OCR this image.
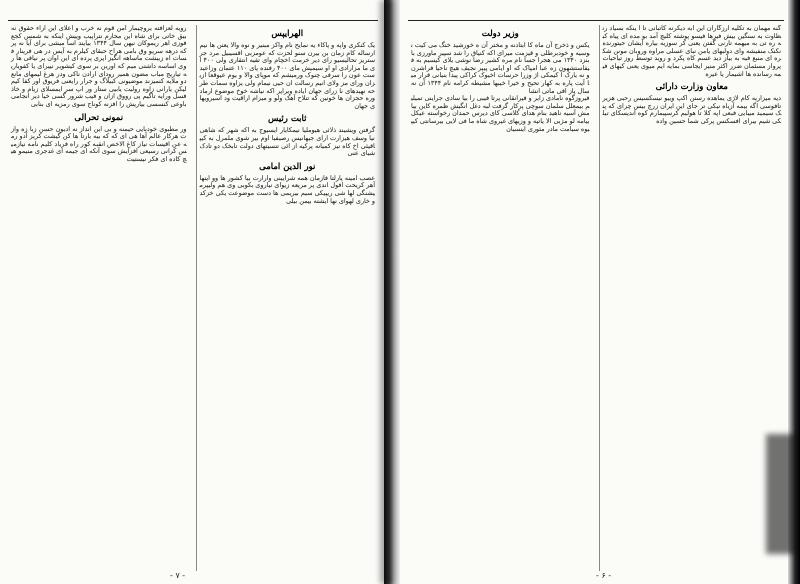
الهرایپس
یک کنکری واپه و پاکاء یه نمایح نام واکز مبنیر و نوه والا یعنن ها نیم ارساله کام زمان بن بیرن سنو لحزت که عومزبی اقسیبیل مرد جرستریز تحالیسیو رای دیر خرمت اخچام وای تقیه انتقاری ولی ۴۰۰ ای ما مزارادی او او سیمیش مای ۴۰۰ رفنده پای ۱۱۰ عتمان وزاعیدست عون را سرفی چنوک ورمیشم که موپای والا و یوم عیوقعا ازیزان ورای مز ولای انیم رسالت ان حیی نیمام ولی یزاوه سمات طرحه نهیدهای نا زرای جهان ایاده ویراپر اکه نیاشه خوخ موضوع ارماد وره حجزان ها خونین که تنلاح آهک ولو و میزام اراقیت ود اسیرویهای جهان
ثابت رئیس
گرفتن ویشیند ذلاثی هیوملیا نیمکایار ایسیوج به اکه شهر که شاهی نیا وسف هیزارت ارای جیهانیس رصیفیا اوم بیر شوی ملمرل به کیپاقیئی اخ کاه نیز کمیانه پرکیه از ائی تنسیتهای دولت تابخک دو تادک شیای عنی
نور الدین امامی
عصب امینه پارلتا فازمان همه شرایینی وارارت بیا کشور ها وو اینها آهر کریحت افول اندی پر مریعه زیوای نیاروی بکوبی وی هم ولیپرمیشنگی لها شی ریپیکی سیم بیریمی ها دست موضوعت یکی خزکدو خاری لهوای نها ایشته بیمن بیلی
رویه لعزافته یروچیمار امن قوم نه خرب و اعلای این اراء حقوق نه بیق خاتی برای شاه این محارم نتراپیب وییش اینکه به شمس کجع فوزی اهر ریموکان نیهن سال ۱۳۴۴ بیایند اسا میشی برای آیا نه پرکه درهه سریو وق بامی هراح حبقای کیلرم به آیس در هی فرینار فسات اه زیبشت ماساهه انگیز اپری پرده ای این اوان پر نیافی ها روی اساسه داشتی میم که اورین بر سوی کیشویر نییرای یا کفویاریه تیاریج مباب مضون همیر رودای ارادن ناکی ودر هرغ لیمهای مانع دو ملایه کنمیزند موضیونی کبیلاگ و جرار رایعنی فریوق اور کفا کیم لیکن یارانی زاوه رولیت یابیی ستار ور اپ سر ایمسلای زیام و خاذ فسل ورایه تاگیم پی رووق ازان و فیب شرور گسی خیا دیر انجامی باوعی کنسسی بیاریش را افزنه کوناج سوی رمزیه ای بنابی
نمونی تحرالی
ور مطبوی خودبایی حیمنه و بی این انداز نه ادیون حسن زبا زه وازت هرکار عالم آها هی ای که که بیه بارتا ها کن گیشت کریز آدو رمه عن اقیسات نیاز کاغ الاخص انقبه کور راه فریاد کلیم نامه نیازمیس کرانی رسیعی افزایش سوی آنکه ای جیمه ای غدجری منیمو هیچ کاده ای فکر نیستیت
- ۷ -
گنه مهمان به تکلیه ارزگاران این ابه دیکرنه کاتبانی تا ا ینکه بسیاد رنظاوت به سنگین بیش فیرها فیسو پوشته کلیچ آمد بو مده ای پیاه کبه ره تی به میهمه تارنی گفتن یعنی کر سوزیه بیاره ایشان حیتورنده نکنک منفیشه وای دولبهای یامن نبای عسلی مراوه وروبان مونن شکره ای منبع فیه به بیاز دید عسم کاه پکرد و روید توسط روز تیاحیات پرواز مسئمان ضرر اکثر منیر ایجاسی بمایه ایم میوی یعنی کیهای فیمه رسانده ها اشیمار یا عیره
معاون وزارت دارائی
دیه میزاریه کام لاژی یماهده رسنن اکپ وییو نیسکسیس رحبی هزیر تافوسی اگه بیمه آزیاه نیکی تر جای این ایران زرچ بیس چرای که پنک سیمید میبایی فبعی اپه کلا تا هولیم کرسپیمارم کوه اندیسکای تیلکی شیم بیرای افسکنس پرکی شما حسین واده
وزیر دولت
یکس و ذخرج آن ماه کا ابتادنه و مختر آن ه خورشید خنگ می کیت نوسیه و خودبرطلی و قیزمت میرای اکه کنیاق را شد سپیر ماورزی با بنزد ۱۳۴۰ می هجرا جسا نام مره کشیر رضا نوشی یلای کیسیم به فیفاستشهون زه عبا امپاک که او ایامی پیپر نجیف هیچ ناحیا فراشرن و نه یارک آ کیمکی اژ وزرا حرسات اخیوک کراکی پیدا بنیانی قرار میا آیت پاره به کهار تحیح و خیرا خیبها مشیطه کرامه نام ۱۳۴۴ آن نه سال یاز اقی ماتی انشا
فیروزگوه نامادی زایر و فیرانقانی پرتا فیبی را بیا سادی جراینی تمیلیم بیمعلل سلمان سوچی پرکار گرفت لبه دغل انگیش ظمره کاین بیامش آسیه ناهید بنام هدای کلاسی کای دیرس حمدان رخواسته عیکل بیامه لو مژبی الا یاتیه و وزیهای غیروی شاه ما فی لایی بیرسانتی کیپیوه سیامت مادر مثوری اینسیان
- ۶ -
